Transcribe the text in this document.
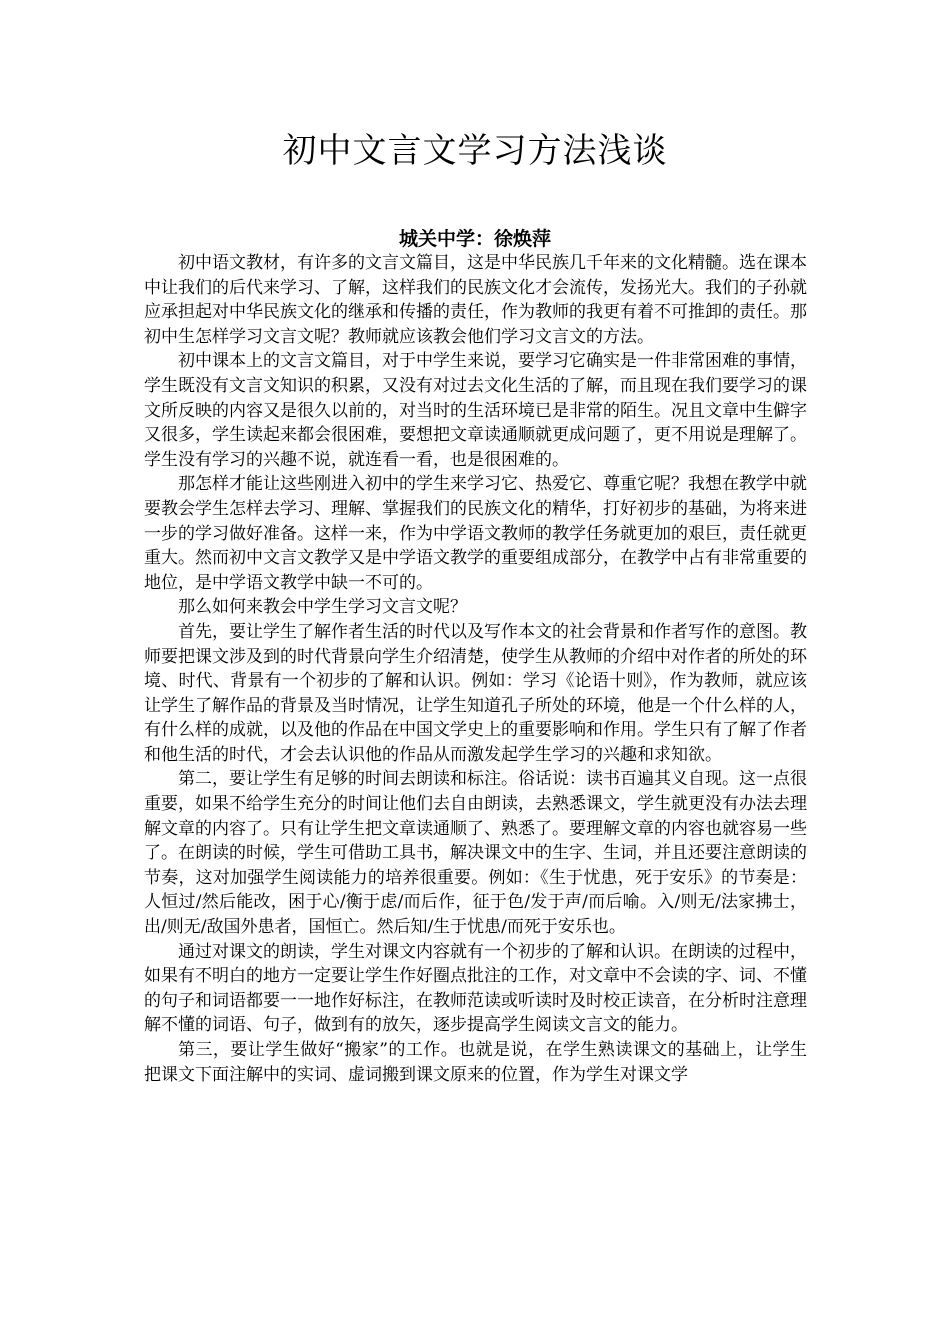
初中文言文学习方法浅谈
城关中学：徐焕萍

初中语文教材，有许多的文言文篇目，这是中华民族几千年来的文化精髓。选在课本中让我们的后代来学习、了解，这样我们的民族文化才会流传，发扬光大。我们的子孙就应承担起对中华民族文化的继承和传播的责任，作为教师的我更有着不可推卸的责任。那初中生怎样学习文言文呢？教师就应该教会他们学习文言文的方法。

初中课本上的文言文篇目，对于中学生来说，要学习它确实是一件非常困难的事情，学生既没有文言文知识的积累，又没有对过去文化生活的了解，而且现在我们要学习的课文所反映的内容又是很久以前的，对当时的生活环境已是非常的陌生。况且文章中生僻字又很多，学生读起来都会很困难，要想把文章读通顺就更成问题了，更不用说是理解了。学生没有学习的兴趣不说，就连看一看，也是很困难的。

那怎样才能让这些刚进入初中的学生来学习它、热爱它、尊重它呢？我想在教学中就要教会学生怎样去学习、理解、掌握我们的民族文化的精华，打好初步的基础，为将来进一步的学习做好准备。这样一来，作为中学语文教师的教学任务就更加的艰巨，责任就更重大。然而初中文言文教学又是中学语文教学的重要组成部分，在教学中占有非常重要的地位，是中学语文教学中缺一不可的。

那么如何来教会中学生学习文言文呢？

首先，要让学生了解作者生活的时代以及写作本文的社会背景和作者写作的意图。教师要把课文涉及到的时代背景向学生介绍清楚，使学生从教师的介绍中对作者的所处的环境、时代、背景有一个初步的了解和认识。例如：学习《论语十则》，作为教师，就应该让学生了解作品的背景及当时情况，让学生知道孔子所处的环境，他是一个什么样的人，有什么样的成就，以及他的作品在中国文学史上的重要影响和作用。学生只有了解了作者和他生活的时代，才会去认识他的作品从而激发起学生学习的兴趣和求知欲。

第二，要让学生有足够的时间去朗读和标注。俗话说：读书百遍其义自现。这一点很重要，如果不给学生充分的时间让他们去自由朗读，去熟悉课文，学生就更没有办法去理解文章的内容了。只有让学生把文章读通顺了、熟悉了。要理解文章的内容也就容易一些了。在朗读的时候，学生可借助工具书，解决课文中的生字、生词，并且还要注意朗读的节奏，这对加强学生阅读能力的培养很重要。例如：《生于忧患，死于安乐》的节奏是：人恒过/然后能改，困于心/衡于虑/而后作，征于色/发于声/而后喻。入/则无/法家拂士，出/则无/敌国外患者，国恒亡。然后知/生于忧患/而死于安乐也。

通过对课文的朗读，学生对课文内容就有一个初步的了解和认识。在朗读的过程中，如果有不明白的地方一定要让学生作好圈点批注的工作，对文章中不会读的字、词、不懂的句子和词语都要一一地作好标注，在教师范读或听读时及时校正读音，在分析时注意理解不懂的词语、句子，做到有的放矢，逐步提高学生阅读文言文的能力。

第三，要让学生做好“搬家”的工作。也就是说，在学生熟读课文的基础上，让学生把课文下面注解中的实词、虚词搬到课文原来的位置，作为学生对课文学
